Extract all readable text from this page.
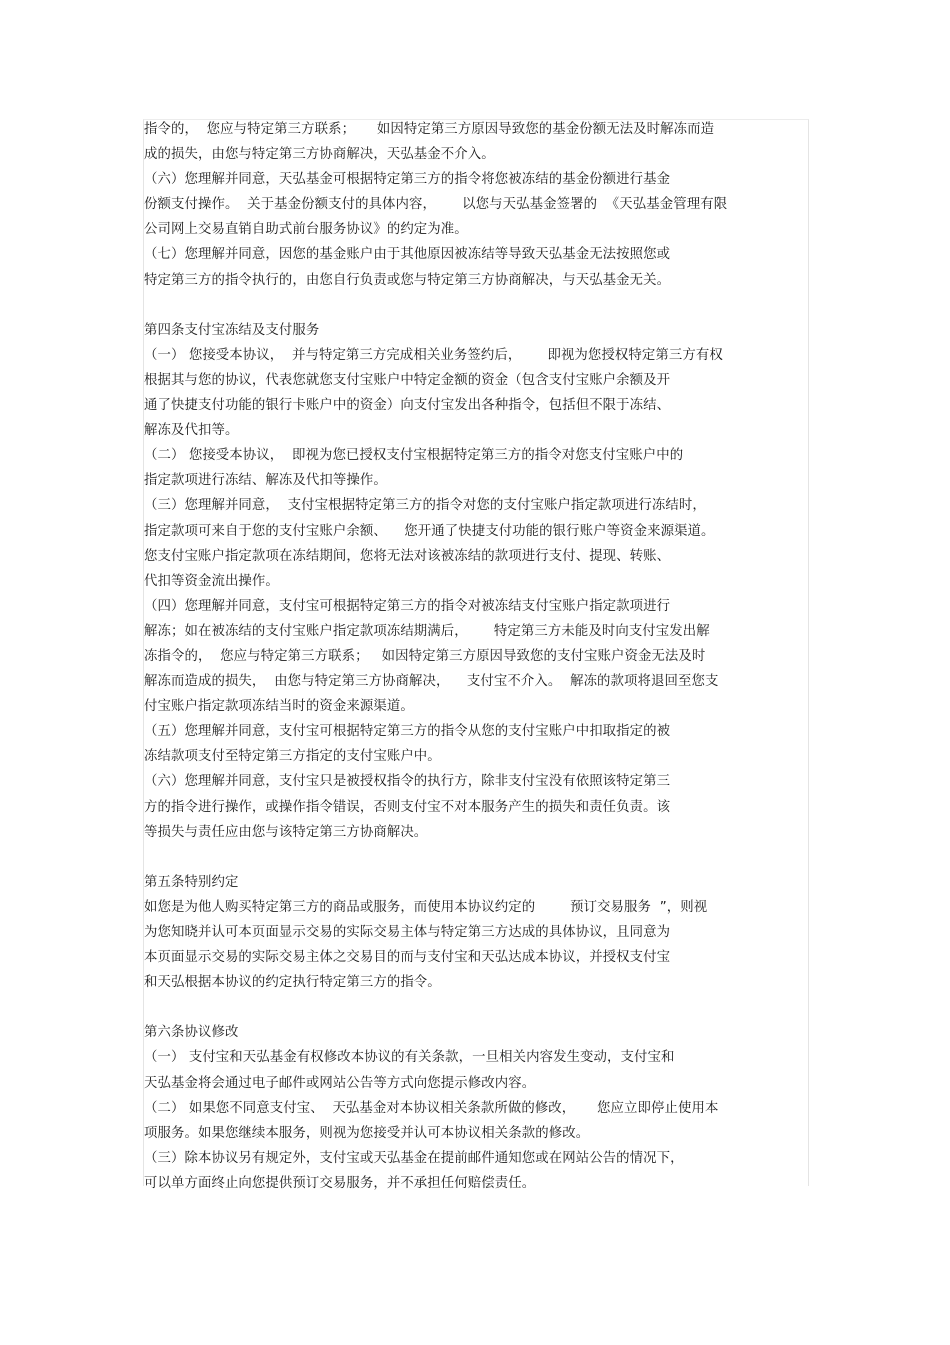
指令的，  您应与特定第三方联系；     如因特定第三方原因导致您的基金份额无法及时解冻而造
成的损失，由您与特定第三方协商解决，天弘基金不介入。
（六）您理解并同意，天弘基金可根据特定第三方的指令将您被冻结的基金份额进行基金
份额支付操作。  关于基金份额支付的具体内容，      以您与天弘基金签署的  《天弘基金管理有限
公司网上交易直销自助式前台服务协议》的约定为准。
（七）您理解并同意，因您的基金账户由于其他原因被冻结等导致天弘基金无法按照您或
特定第三方的指令执行的，由您自行负责或您与特定第三方协商解决，与天弘基金无关。
第四条支付宝冻结及支付服务
（一） 您接受本协议，  并与特定第三方完成相关业务签约后，      即视为您授权特定第三方有权
根据其与您的协议，代表您就您支付宝账户中特定金额的资金（包含支付宝账户余额及开
通了快捷支付功能的银行卡账户中的资金）向支付宝发出各种指令，包括但不限于冻结、
解冻及代扣等。
（二） 您接受本协议，  即视为您已授权支付宝根据特定第三方的指令对您支付宝账户中的
指定款项进行冻结、解冻及代扣等操作。
（三）您理解并同意，  支付宝根据特定第三方的指令对您的支付宝账户指定款项进行冻结时，
指定款项可来自于您的支付宝账户余额、    您开通了快捷支付功能的银行账户等资金来源渠道。
您支付宝账户指定款项在冻结期间，您将无法对该被冻结的款项进行支付、提现、转账、
代扣等资金流出操作。
（四）您理解并同意，支付宝可根据特定第三方的指令对被冻结支付宝账户指定款项进行
解冻；如在被冻结的支付宝账户指定款项冻结期满后，      特定第三方未能及时向支付宝发出解
冻指令的，  您应与特定第三方联系；   如因特定第三方原因导致您的支付宝账户资金无法及时
解冻而造成的损失，  由您与特定第三方协商解决，    支付宝不介入。  解冻的款项将退回至您支
付宝账户指定款项冻结当时的资金来源渠道。
（五）您理解并同意，支付宝可根据特定第三方的指令从您的支付宝账户中扣取指定的被
冻结款项支付至特定第三方指定的支付宝账户中。
（六）您理解并同意，支付宝只是被授权指令的执行方，除非支付宝没有依照该特定第三
方的指令进行操作，或操作指令错误，否则支付宝不对本服务产生的损失和责任负责。该
等损失与责任应由您与该特定第三方协商解决。
第五条特别约定
如您是为他人购买特定第三方的商品或服务，而使用本协议约定的        预订交易服务  ”，则视
为您知晓并认可本页面显示交易的实际交易主体与特定第三方达成的具体协议，且同意为
本页面显示交易的实际交易主体之交易目的而与支付宝和天弘达成本协议，并授权支付宝
和天弘根据本协议的约定执行特定第三方的指令。
第六条协议修改
（一） 支付宝和天弘基金有权修改本协议的有关条款，一旦相关内容发生变动，支付宝和
天弘基金将会通过电子邮件或网站公告等方式向您提示修改内容。
（二） 如果您不同意支付宝、  天弘基金对本协议相关条款所做的修改，     您应立即停止使用本
项服务。如果您继续本服务，则视为您接受并认可本协议相关条款的修改。
（三）除本协议另有规定外，支付宝或天弘基金在提前邮件通知您或在网站公告的情况下，
可以单方面终止向您提供预订交易服务，并不承担任何赔偿责任。
